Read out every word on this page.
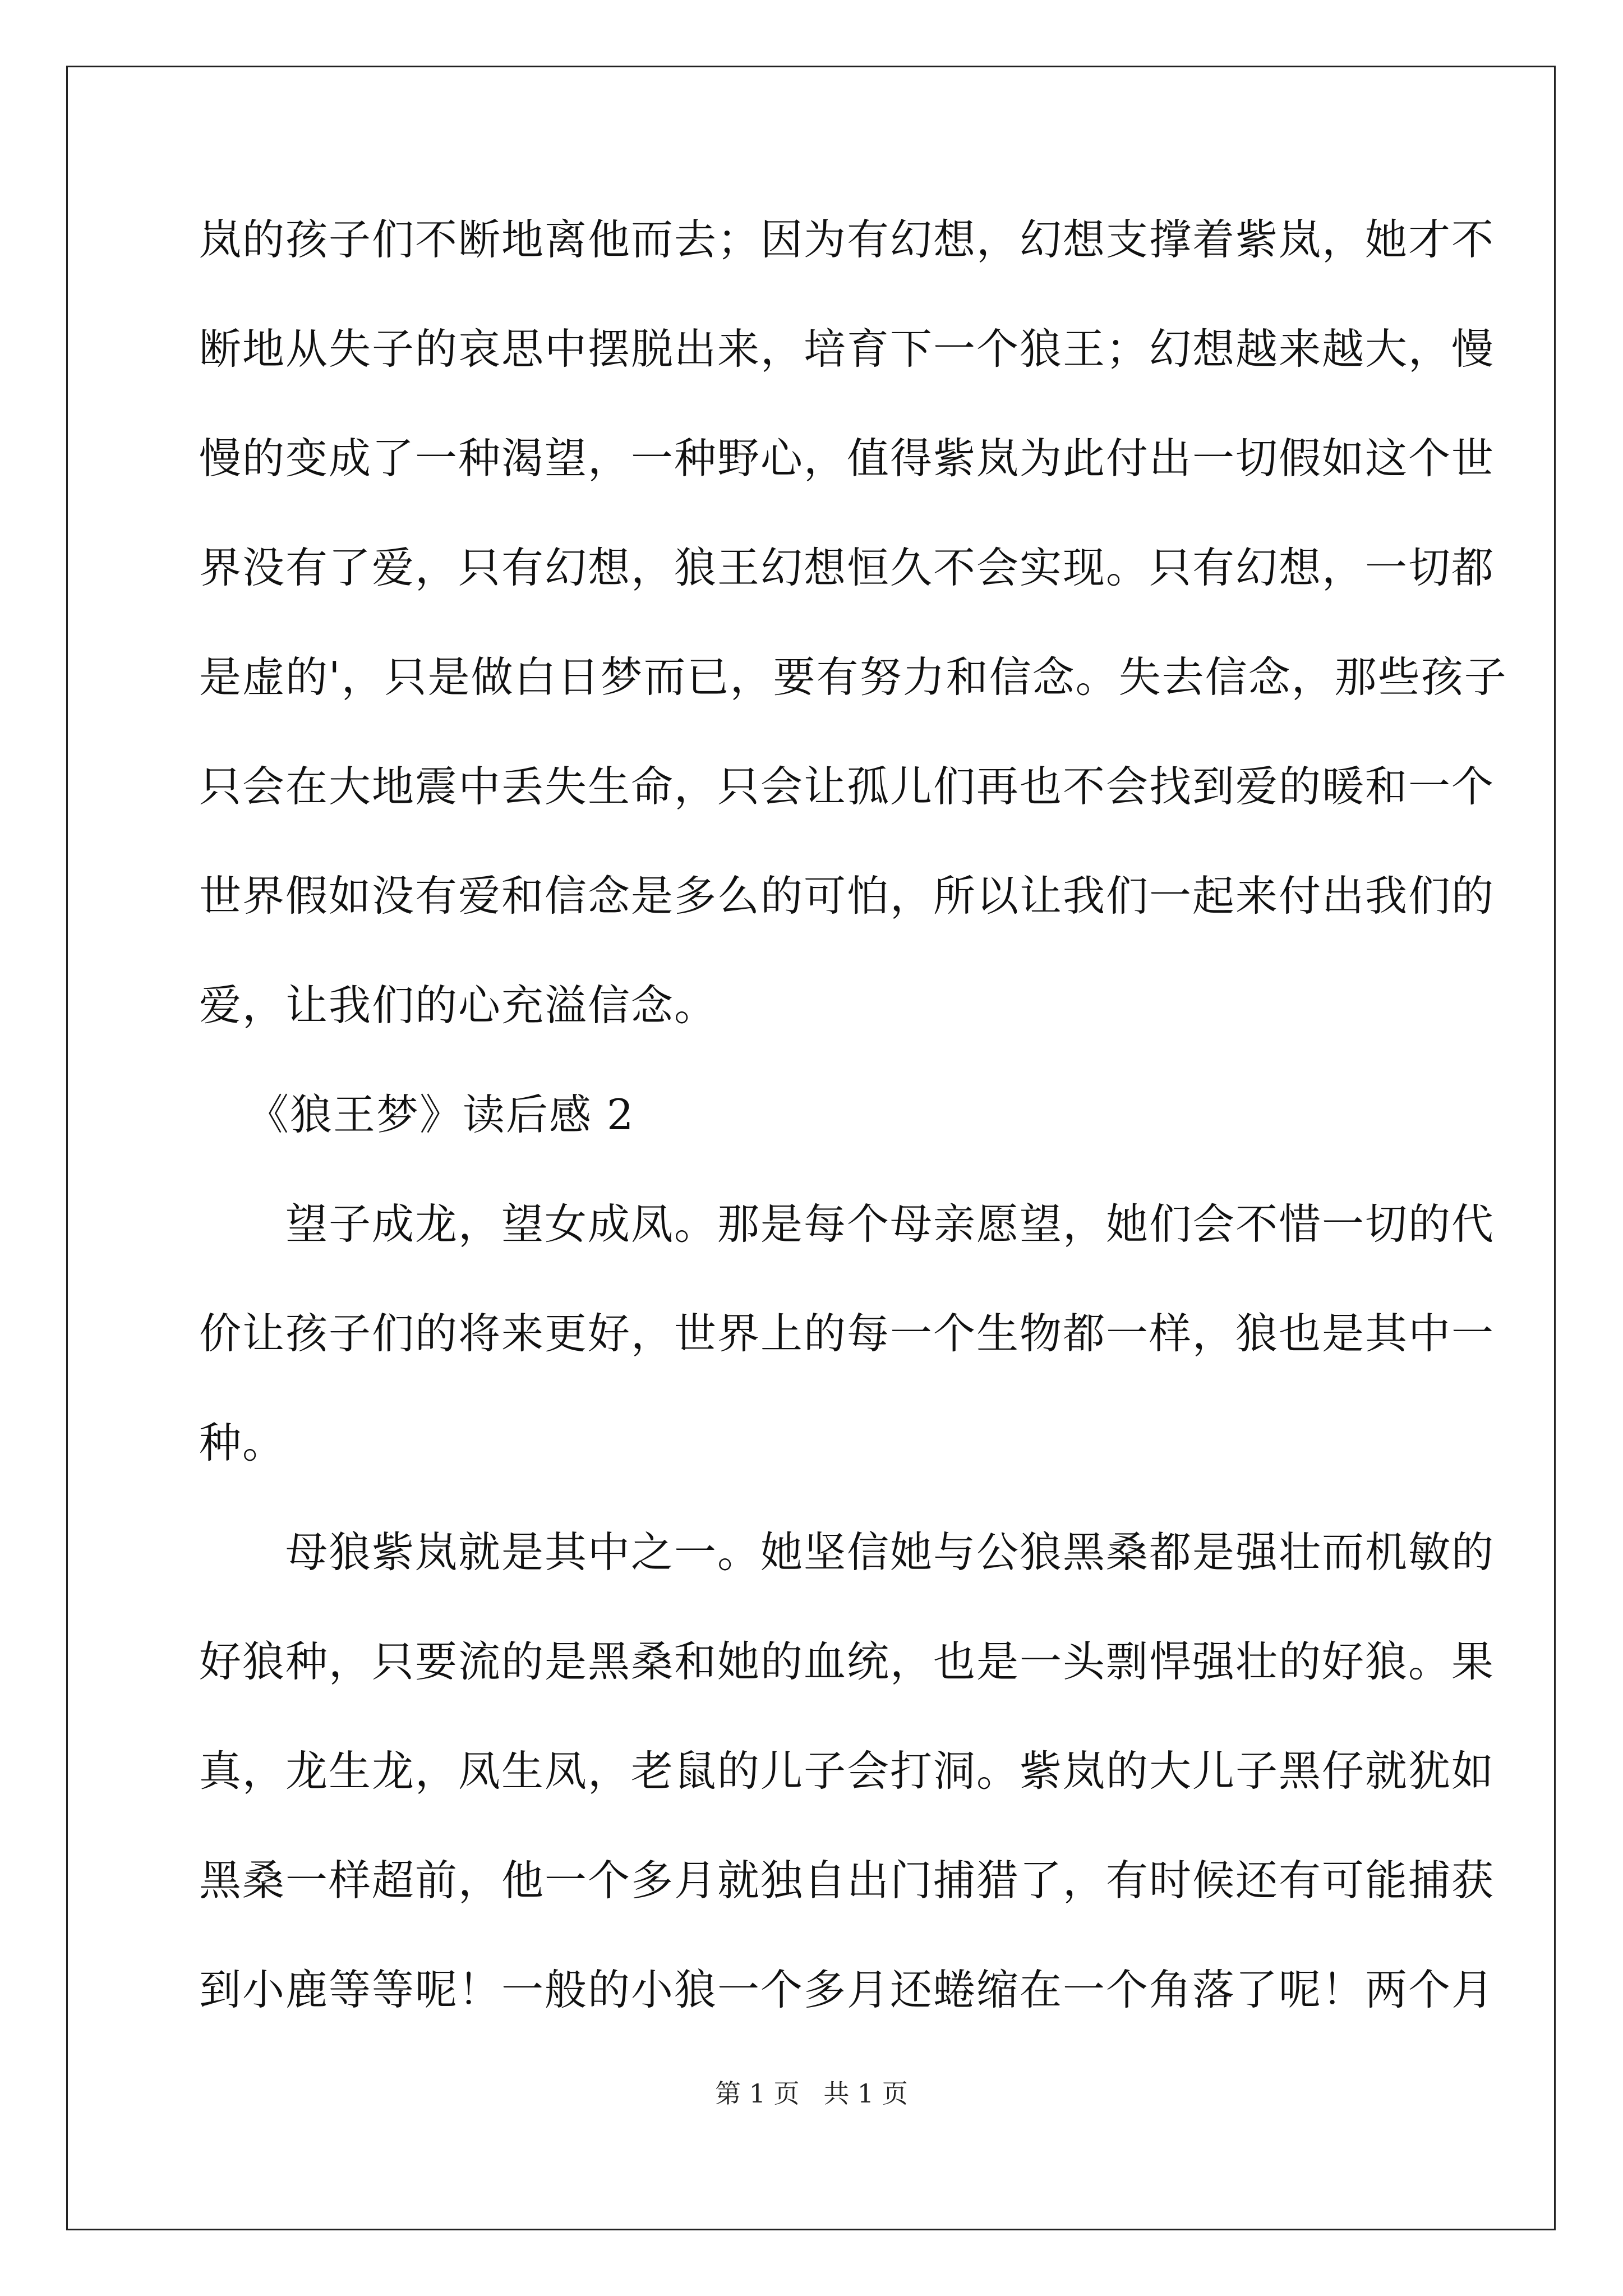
岚的孩子们不断地离他而去；因为有幻想，幻想支撑着紫岚，她才不
断地从失子的哀思中摆脱出来，培育下一个狼王；幻想越来越大，慢
慢的变成了一种渴望，一种野心，值得紫岚为此付出一切假如这个世
界没有了爱，只有幻想，狼王幻想恒久不会实现。只有幻想，一切都
是虚的'，只是做白日梦而已，要有努力和信念。失去信念，那些孩子
只会在大地震中丢失生命，只会让孤儿们再也不会找到爱的暖和一个
世界假如没有爱和信念是多么的可怕，所以让我们一起来付出我们的
爱，让我们的心充溢信念。
《狼王梦》读后感 2
　　望子成龙，望女成凤。那是每个母亲愿望，她们会不惜一切的代
价让孩子们的将来更好，世界上的每一个生物都一样，狼也是其中一
种。
　　母狼紫岚就是其中之一。她坚信她与公狼黑桑都是强壮而机敏的
好狼种，只要流的是黑桑和她的血统，也是一头剽悍强壮的好狼。果
真，龙生龙，凤生凤，老鼠的儿子会打洞。紫岚的大儿子黑仔就犹如
黑桑一样超前，他一个多月就独自出门捕猎了，有时候还有可能捕获
到小鹿等等呢！一般的小狼一个多月还蜷缩在一个角落了呢！两个月
第 1 页 共 1 页
